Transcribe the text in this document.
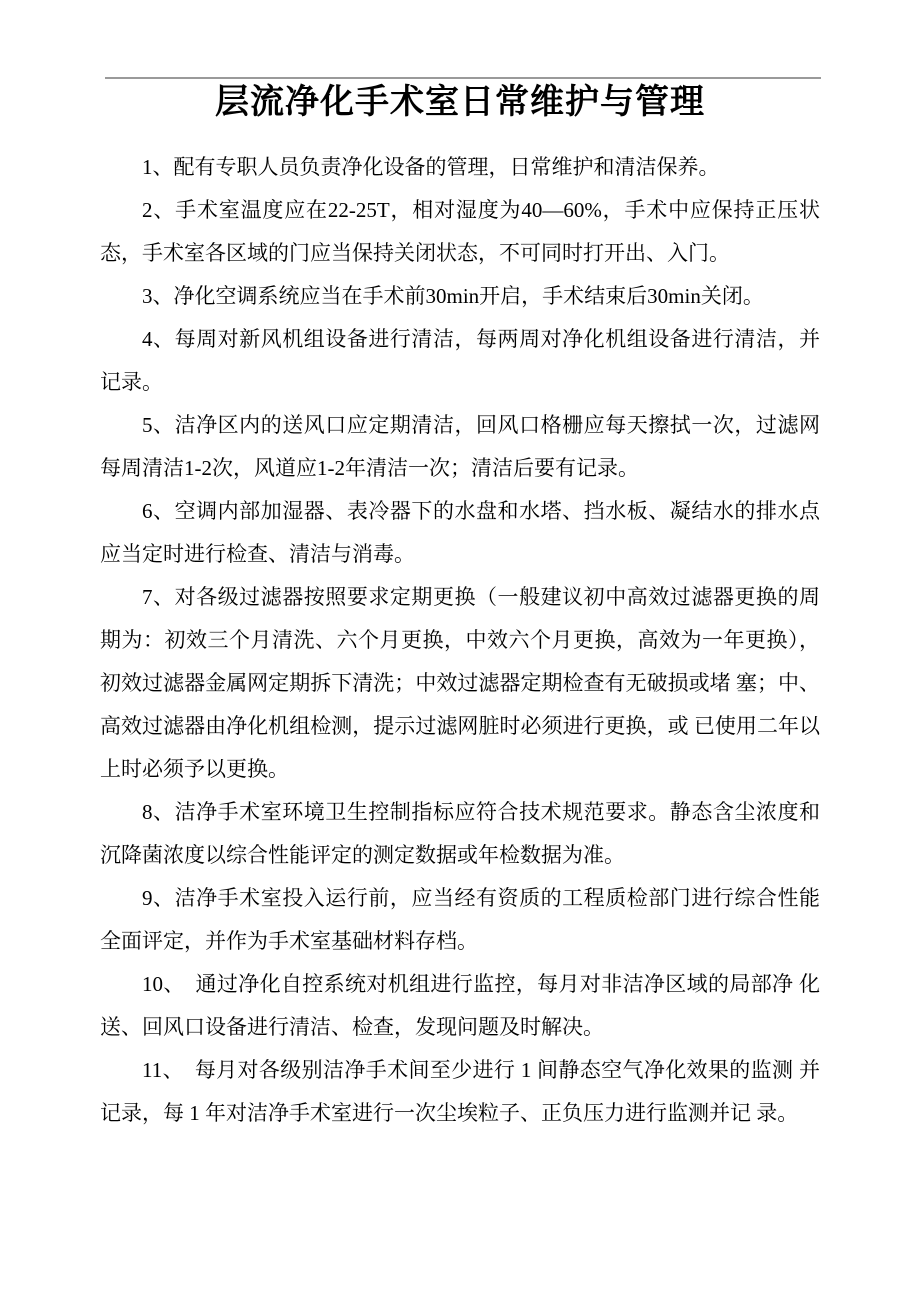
层流净化手术室日常维护与管理

1、配有专职人员负责净化设备的管理，日常维护和清洁保养。

2、手术室温度应在22-25T，相对湿度为40—60%，手术中应保持正压状态，手术室各区域的门应当保持关闭状态，不可同时打开出、入门。

3、净化空调系统应当在手术前30min开启，手术结束后30min关闭。

4、每周对新风机组设备进行清洁，每两周对净化机组设备进行清洁，并记录。

5、洁净区内的送风口应定期清洁，回风口格栅应每天擦拭一次，过滤网每周清洁1-2次，风道应1-2年清洁一次；清洁后要有记录。

6、空调内部加湿器、表冷器下的水盘和水塔、挡水板、凝结水的排水点应当定时进行检查、清洁与消毒。

7、对各级过滤器按照要求定期更换（一般建议初中高效过滤器更换的周期为：初效三个月清洗、六个月更换，中效六个月更换，高效为一年更换），初效过滤器金属网定期拆下清洗；中效过滤器定期检查有无破损或堵 塞；中、高效过滤器由净化机组检测，提示过滤网脏时必须进行更换，或 已使用二年以上时必须予以更换。

8、洁净手术室环境卫生控制指标应符合技术规范要求。静态含尘浓度和沉降菌浓度以综合性能评定的测定数据或年检数据为准。

9、洁净手术室投入运行前，应当经有资质的工程质检部门进行综合性能全面评定，并作为手术室基础材料存档。

10、　通过净化自控系统对机组进行监控，每月对非洁净区域的局部净 化送、回风口设备进行清洁、检查，发现问题及时解决。

11、　每月对各级别洁净手术间至少进行 1 间静态空气净化效果的监测 并记录，每 1 年对洁净手术室进行一次尘埃粒子、正负压力进行监测并记 录。
